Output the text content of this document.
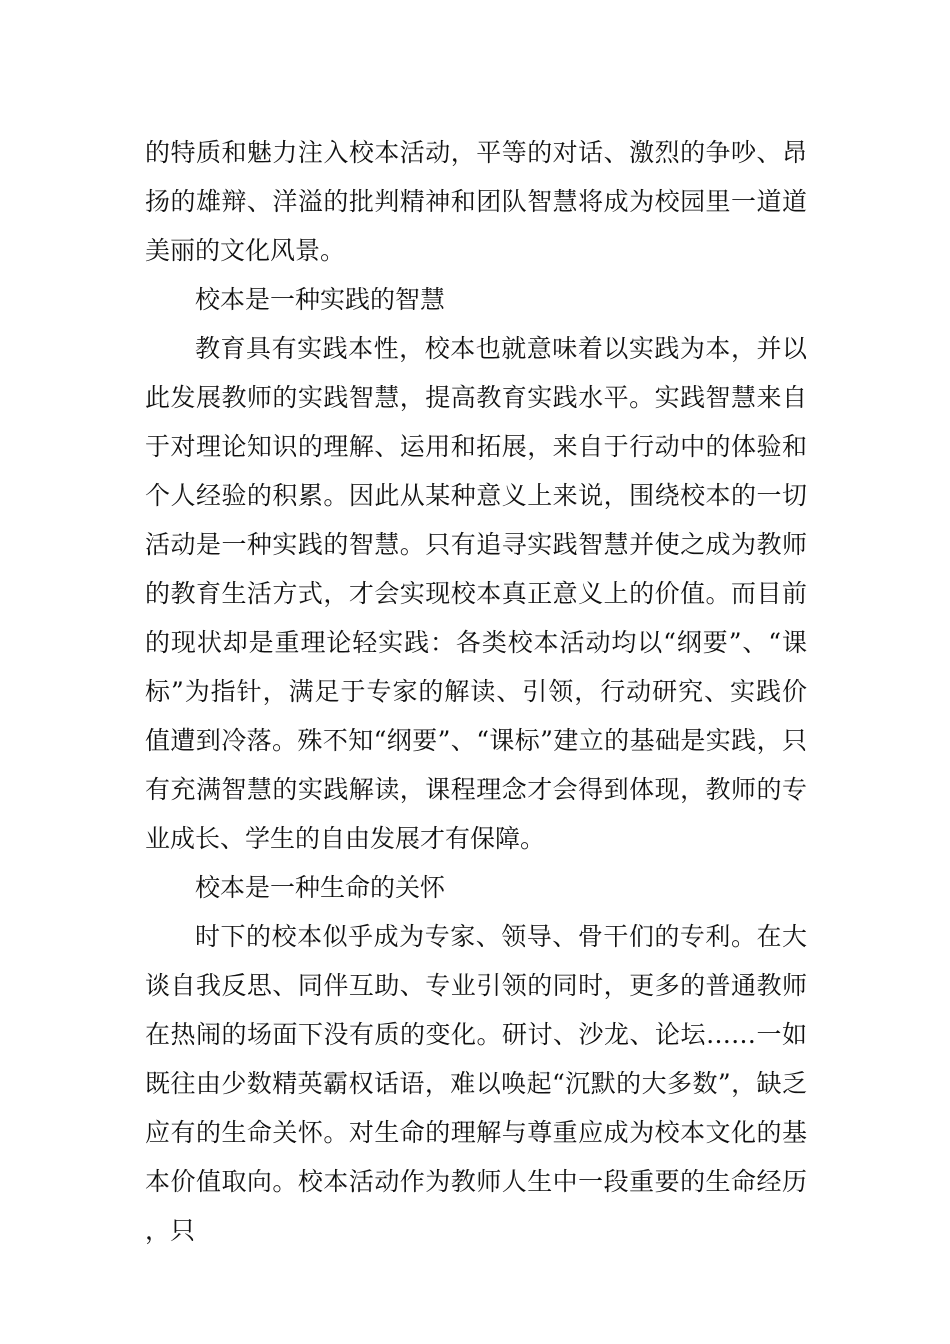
的特质和魅力注入校本活动，平等的对话、激烈的争吵、昂扬的雄辩、洋溢的批判精神和团队智慧将成为校园里一道道美丽的文化风景。

校本是一种实践的智慧

教育具有实践本性，校本也就意味着以实践为本，并以此发展教师的实践智慧，提高教育实践水平。实践智慧来自于对理论知识的理解、运用和拓展，来自于行动中的体验和个人经验的积累。因此从某种意义上来说，围绕校本的一切活动是一种实践的智慧。只有追寻实践智慧并使之成为教师的教育生活方式，才会实现校本真正意义上的价值。而目前的现状却是重理论轻实践：各类校本活动均以“纲要”、“课标”为指针，满足于专家的解读、引领，行动研究、实践价值遭到冷落。殊不知“纲要”、“课标”建立的基础是实践，只有充满智慧的实践解读，课程理念才会得到体现，教师的专业成长、学生的自由发展才有保障。

校本是一种生命的关怀

时下的校本似乎成为专家、领导、骨干们的专利。在大谈自我反思、同伴互助、专业引领的同时，更多的普通教师在热闹的场面下没有质的变化。研讨、沙龙、论坛……一如既往由少数精英霸权话语，难以唤起“沉默的大多数”，缺乏应有的生命关怀。对生命的理解与尊重应成为校本文化的基本价值取向。校本活动作为教师人生中一段重要的生命经历，只
